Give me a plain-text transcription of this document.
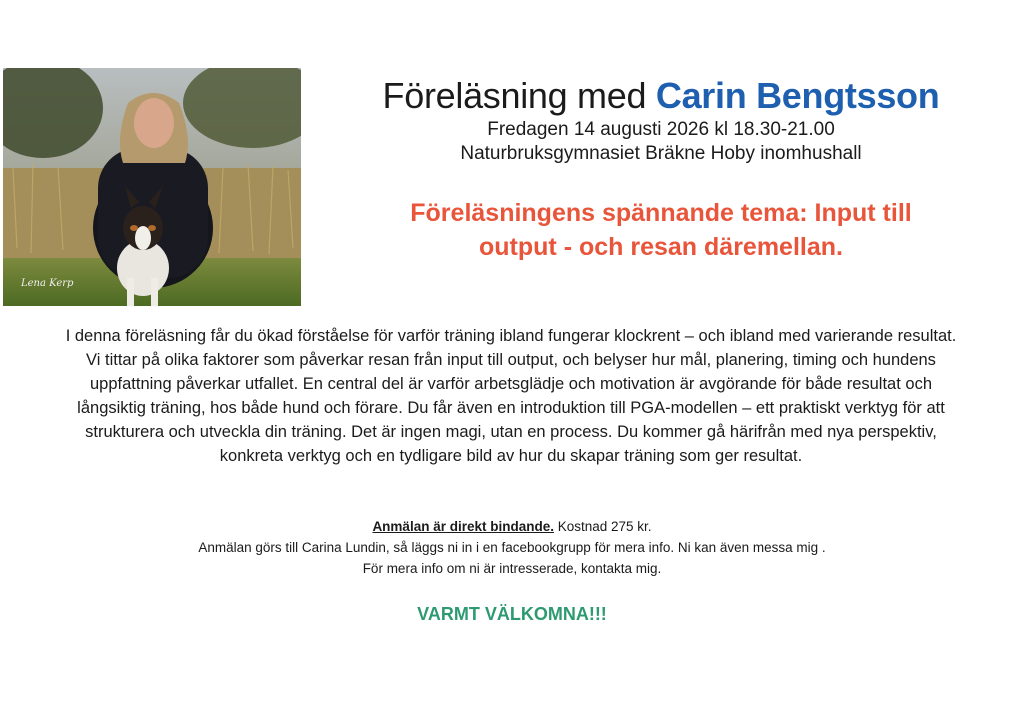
Lena Kerp
Föreläsning med Carin Bengtsson

Fredagen 14 augusti 2026 kl 18.30-21.00

Naturbruksgymnasiet Bräkne Hoby inomhushall

Föreläsningens spännande tema: Input till
output - och resan däremellan.

I denna föreläsning får du ökad förståelse för varför träning ibland fungerar klockrent – och ibland med varierande resultat.
Vi tittar på olika faktorer som påverkar resan från input till output, och belyser hur mål, planering, timing och hundens
uppfattning påverkar utfallet. En central del är varför arbetsglädje och motivation är avgörande för både resultat och
långsiktig träning, hos både hund och förare. Du får även en introduktion till PGA-modellen – ett praktiskt verktyg för att
strukturera och utveckla din träning. Det är ingen magi, utan en process. Du kommer gå härifrån med nya perspektiv,
konkreta verktyg och en tydligare bild av hur du skapar träning som ger resultat.

Anmälan är direkt bindande. Kostnad 275 kr.

Anmälan görs till Carina Lundin, så läggs ni in i en facebookgrupp för mera info. Ni kan även messa mig .

För mera info om ni är intresserade, kontakta mig.

VARMT VÄLKOMNA!!!
